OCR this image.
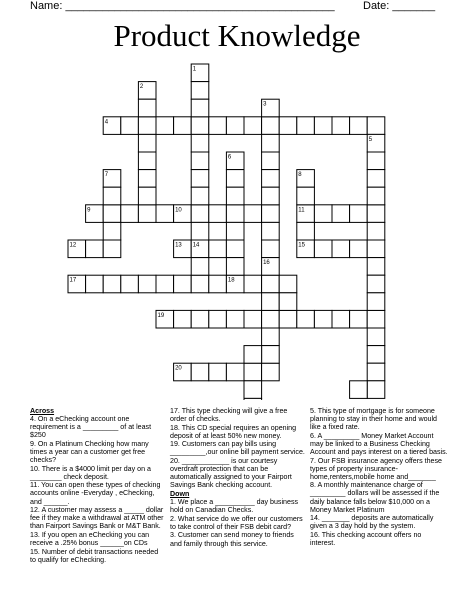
Name: ____________________________________________	Date: _______
Product Knowledge
1
2
3
4
5
6
7	8
9	10	11
12	13 14	15
16
17	18
19
20
Across
4. On a eChecking account one requirement is a _________ of at least $250
9. On a Platinum Checking how many times a year can a customer get free checks?
10. There is a $4000 limit per day on a ________ check deposit.
11. You can open these types of checking accounts online -Everyday , eChecking, and ______.
12. A customer may assess a _____ dollar fee if they make a withdrawal at ATM other than Fairport Savings Bank or M&T Bank.
13. If you open an eChecking you can receive a .25% bonus ______on CDs
15. Number of debit transactions needed to qualify for eChecking.
17. This type checking will give a free order of checks.
18. This CD special requires an opening deposit of at least 50% new money.
19. Customers can pay bills using _________,our online bill payment service.
20. ____________ is our courtesy overdraft protection that can be automatically assigned to your Fairport Savings Bank checking account.
Down
1. We place a __________ day business hold on Canadian Checks.
2. What service do we offer our customers to take control of their FSB debit card?
3. Customer can send money to friends and family through this service.
5. This type of mortgage is for someone planning to stay in their home and would like a fixed rate.
6. A _________ Money Market Account may be linked to a Business Checking Account and pays interest on a tiered basis.
7. Our FSB insurance agency offers these types of property insurance-home,renters,mobile home and_______
8. A monthly maintenance charge of _________ dollars will be assessed if the daily balance falls below $10,000 on a Money Market Platinum
14. _______ deposits are automatically given a 3 day hold by the system.
16. This checking account offers no interest.
